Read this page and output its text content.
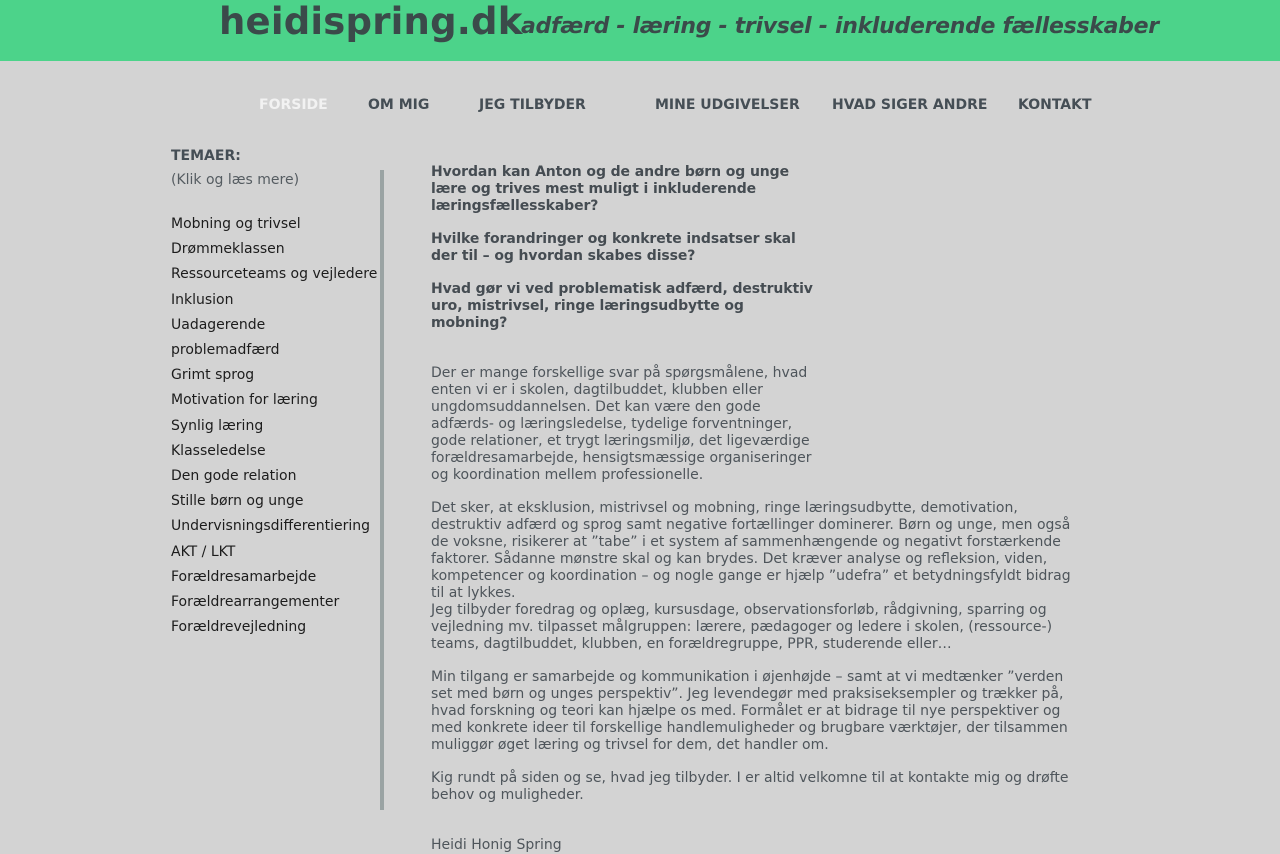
heidispring.dk
adfærd - læring - trivsel - inkluderende fællesskaber
FORSIDE	OM MIG	JEG TILBYDER	MINE UDGIVELSER HVAD SIGER ANDRE KONTAKT
TEMAER:
(Klik og læs mere)
Mobning og trivsel
Drømmeklassen
Ressourceteams og vejledere
Inklusion
Uadagerende
problemadfærd
Grimt sprog
Motivation for læring
Synlig læring
Klasseledelse
Den gode relation
Stille børn og unge
Undervisningsdifferentiering
AKT / LKT
Forældresamarbejde
Forældrearrangementer
Forældrevejledning

Hvordan kan Anton og de andre børn og unge lære og trives mest muligt i inkluderende læringsfællesskaber?

Hvilke forandringer og konkrete indsatser skal der til – og hvordan skabes disse?

Hvad gør vi ved problematisk adfærd, destruktiv uro, mistrivsel, ringe læringsudbytte og mobning?

Der er mange forskellige svar på spørgsmålene, hvad enten vi er i skolen, dagtilbuddet, klubben eller ungdomsuddannelsen. Det kan være den gode adfærds- og læringsledelse, tydelige forventninger, gode relationer, et trygt læringsmiljø, det ligeværdige forældresamarbejde, hensigtsmæssige organiseringer og koordination mellem professionelle.

Det sker, at eksklusion, mistrivsel og mobning, ringe læringsudbytte, demotivation, destruktiv adfærd og sprog samt negative fortællinger dominerer. Børn og unge, men også de voksne, risikerer at ”tabe” i et system af sammenhængende og negativt forstærkende faktorer. Sådanne mønstre skal og kan brydes. Det kræver analyse og refleksion, viden, kompetencer og koordination – og nogle gange er hjælp ”udefra” et betydningsfyldt bidrag til at lykkes.

Jeg tilbyder foredrag og oplæg, kursusdage, observationsforløb, rådgivning, sparring og vejledning mv. tilpasset målgruppen: lærere, pædagoger og ledere i skolen, (ressource-) teams, dagtilbuddet, klubben, en forældregruppe, PPR, studerende eller…

Min tilgang er samarbejde og kommunikation i øjenhøjde – samt at vi medtænker ”verden set med børn og unges perspektiv”. Jeg levendegør med praksiseksempler og trækker på, hvad forskning og teori kan hjælpe os med. Formålet er at bidrage til nye perspektiver og med konkrete ideer til forskellige handlemuligheder og brugbare værktøjer, der tilsammen muliggør øget læring og trivsel for dem, det handler om.

Kig rundt på siden og se, hvad jeg tilbyder. I er altid velkomne til at kontakte mig og drøfte behov og muligheder.

Heidi Honig Spring
